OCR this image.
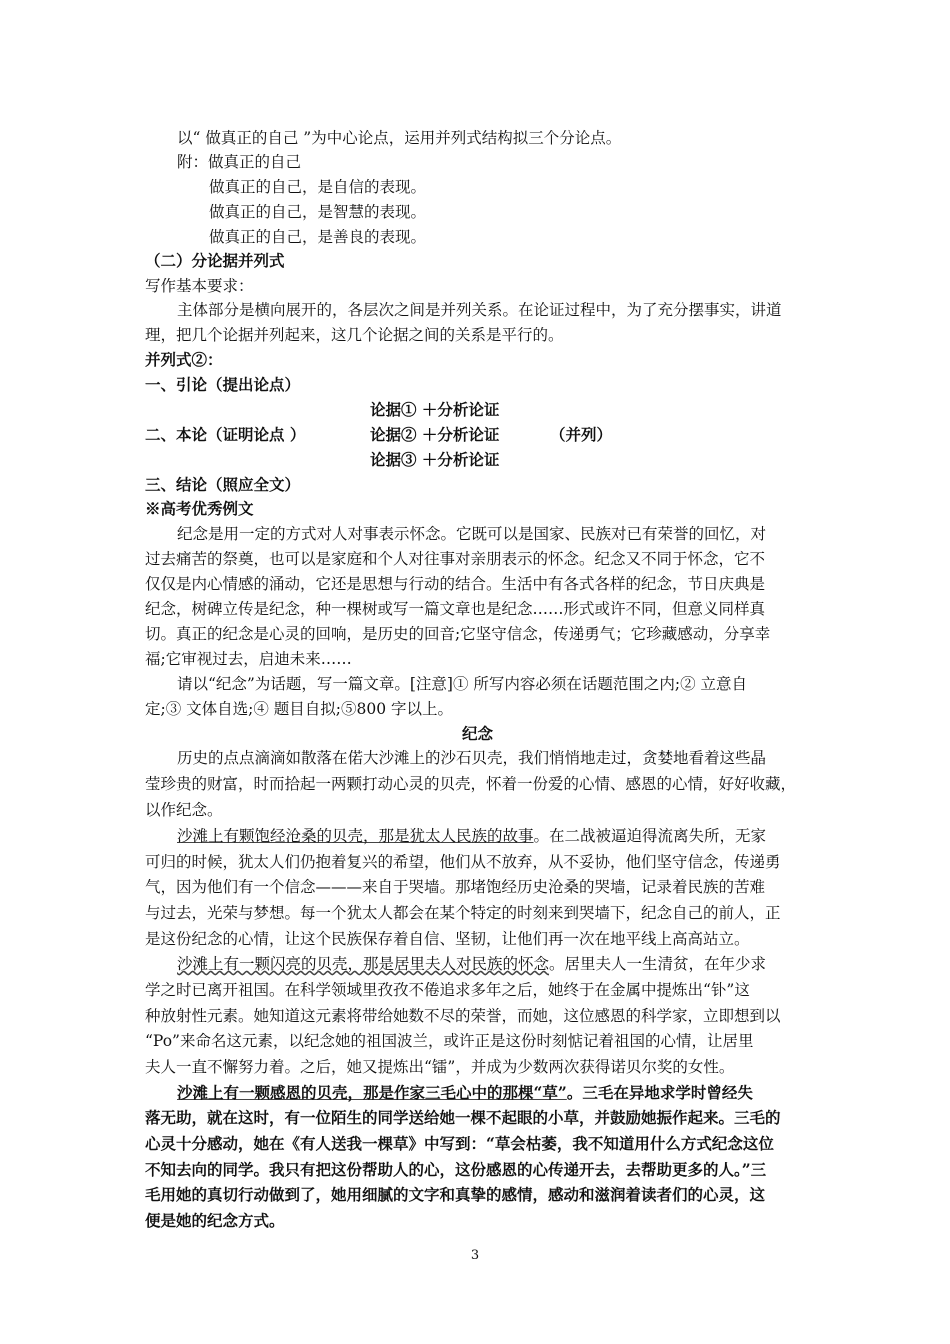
以“ 做真正的自己 ”为中心论点，运用并列式结构拟三个分论点。
附：做真正的自己
做真正的自己，是自信的表现。
做真正的自己，是智慧的表现。
做真正的自己，是善良的表现。
（二）分论据并列式
写作基本要求：
主体部分是横向展开的，各层次之间是并列关系。在论证过程中，为了充分摆事实，讲道
理，把几个论据并列起来，这几个论据之间的关系是平行的。
并列式②：
一、引论（提出论点）
论据① ＋分析论证
二、本论（证明论点 ）	论据② ＋分析论证	（并列）
论据③ ＋分析论证
三、结论（照应全文）
※高考优秀例文
纪念是用一定的方式对人对事表示怀念。它既可以是国家、民族对已有荣誉的回忆，对
过去痛苦的祭奠，也可以是家庭和个人对往事对亲朋表示的怀念。纪念又不同于怀念，它不
仅仅是内心情感的涌动，它还是思想与行动的结合。生活中有各式各样的纪念，节日庆典是
纪念，树碑立传是纪念，种一棵树或写一篇文章也是纪念……形式或许不同，但意义同样真
切。真正的纪念是心灵的回响，是历史的回音;它坚守信念，传递勇气；它珍藏感动，分享幸
福;它审视过去，启迪未来……
请以“纪念”为话题，写一篇文章。[注意]① 所写内容必须在话题范围之内;② 立意自
定;③ 文体自选;④ 题目自拟;⑤800 字以上。
纪念
历史的点点滴滴如散落在偌大沙滩上的沙石贝壳，我们悄悄地走过，贪婪地看着这些晶
莹珍贵的财富，时而拾起一两颗打动心灵的贝壳，怀着一份爱的心情、感恩的心情，好好收藏，
以作纪念。
沙滩上有颗饱经沧桑的贝壳，那是犹太人民族的故事。在二战被逼迫得流离失所，无家
可归的时候，犹太人们仍抱着复兴的希望，他们从不放弃，从不妥协，他们坚守信念，传递勇
气，因为他们有一个信念———来自于哭墙。那堵饱经历史沧桑的哭墙，记录着民族的苦难
与过去，光荣与梦想。每一个犹太人都会在某个特定的时刻来到哭墙下，纪念自己的前人，正
是这份纪念的心情，让这个民族保存着自信、坚韧，让他们再一次在地平线上高高站立。
沙滩上有一颗闪亮的贝壳，那是居里夫人对民族的怀念。居里夫人一生清贫，在年少求
学之时已离开祖国。在科学领域里孜孜不倦追求多年之后，她终于在金属中提炼出“钋”这
种放射性元素。她知道这元素将带给她数不尽的荣誉，而她，这位感恩的科学家，立即想到以
“Po”来命名这元素，以纪念她的祖国波兰，或许正是这份时刻惦记着祖国的心情，让居里
夫人一直不懈努力着。之后，她又提炼出“镭”，并成为少数两次获得诺贝尔奖的女性。
沙滩上有一颗感恩的贝壳，那是作家三毛心中的那棵“草”。三毛在异地求学时曾经失
落无助，就在这时，有一位陌生的同学送给她一棵不起眼的小草，并鼓励她振作起来。三毛的
心灵十分感动，她在《有人送我一棵草》中写到：“草会枯萎，我不知道用什么方式纪念这位
不知去向的同学。我只有把这份帮助人的心，这份感恩的心传递开去，去帮助更多的人。”三
毛用她的真切行动做到了，她用细腻的文字和真挚的感情，感动和滋润着读者们的心灵，这
便是她的纪念方式。
3
